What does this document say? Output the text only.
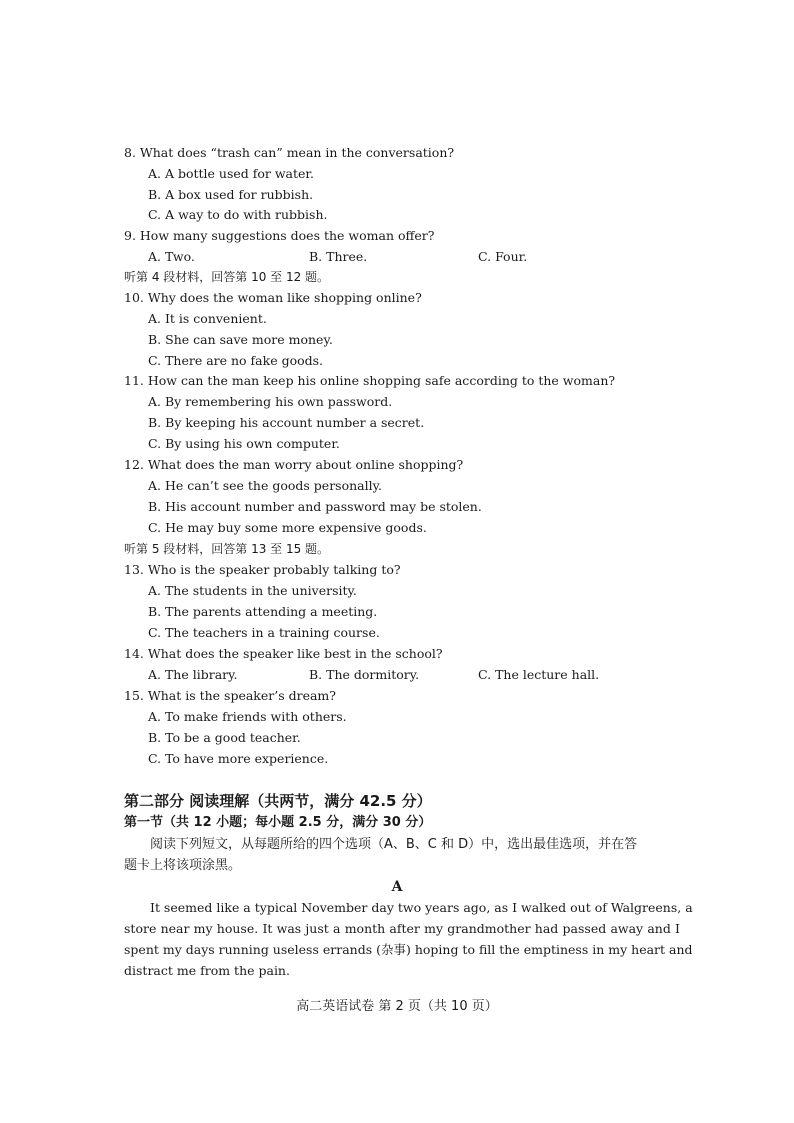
8. What does “trash can” mean in the conversation?
A. A bottle used for water.
B. A box used for rubbish.
C. A way to do with rubbish.
9. How many suggestions does the woman offer?
A. Two.	B. Three.	C. Four.
听第 4 段材料，回答第 10 至 12 题。
10. Why does the woman like shopping online?
A. It is convenient.
B. She can save more money.
C. There are no fake goods.
11. How can the man keep his online shopping safe according to the woman?
A. By remembering his own password.
B. By keeping his account number a secret.
C. By using his own computer.
12. What does the man worry about online shopping?
A. He can’t see the goods personally.
B. His account number and password may be stolen.
C. He may buy some more expensive goods.
听第 5 段材料，回答第 13 至 15 题。
13. Who is the speaker probably talking to?
A. The students in the university.
B. The parents attending a meeting.
C. The teachers in a training course.
14. What does the speaker like best in the school?
A. The library.	B. The dormitory.	C. The lecture hall.
15. What is the speaker’s dream?
A. To make friends with others.
B. To be a good teacher.
C. To have more experience.
第二部分 阅读理解（共两节，满分 42.5 分）
第一节（共 12 小题；每小题 2.5 分，满分 30 分）
阅读下列短文，从每题所给的四个选项（A、B、C 和 D）中，选出最佳选项，并在答
题卡上将该项涂黑。
A
It seemed like a typical November day two years ago, as I walked out of Walgreens, a
store near my house. It was just a month after my grandmother had passed away and I
spent my days running useless errands (杂事) hoping to fill the emptiness in my heart and
distract me from the pain.
高二英语试卷 第 2 页（共 10 页）
